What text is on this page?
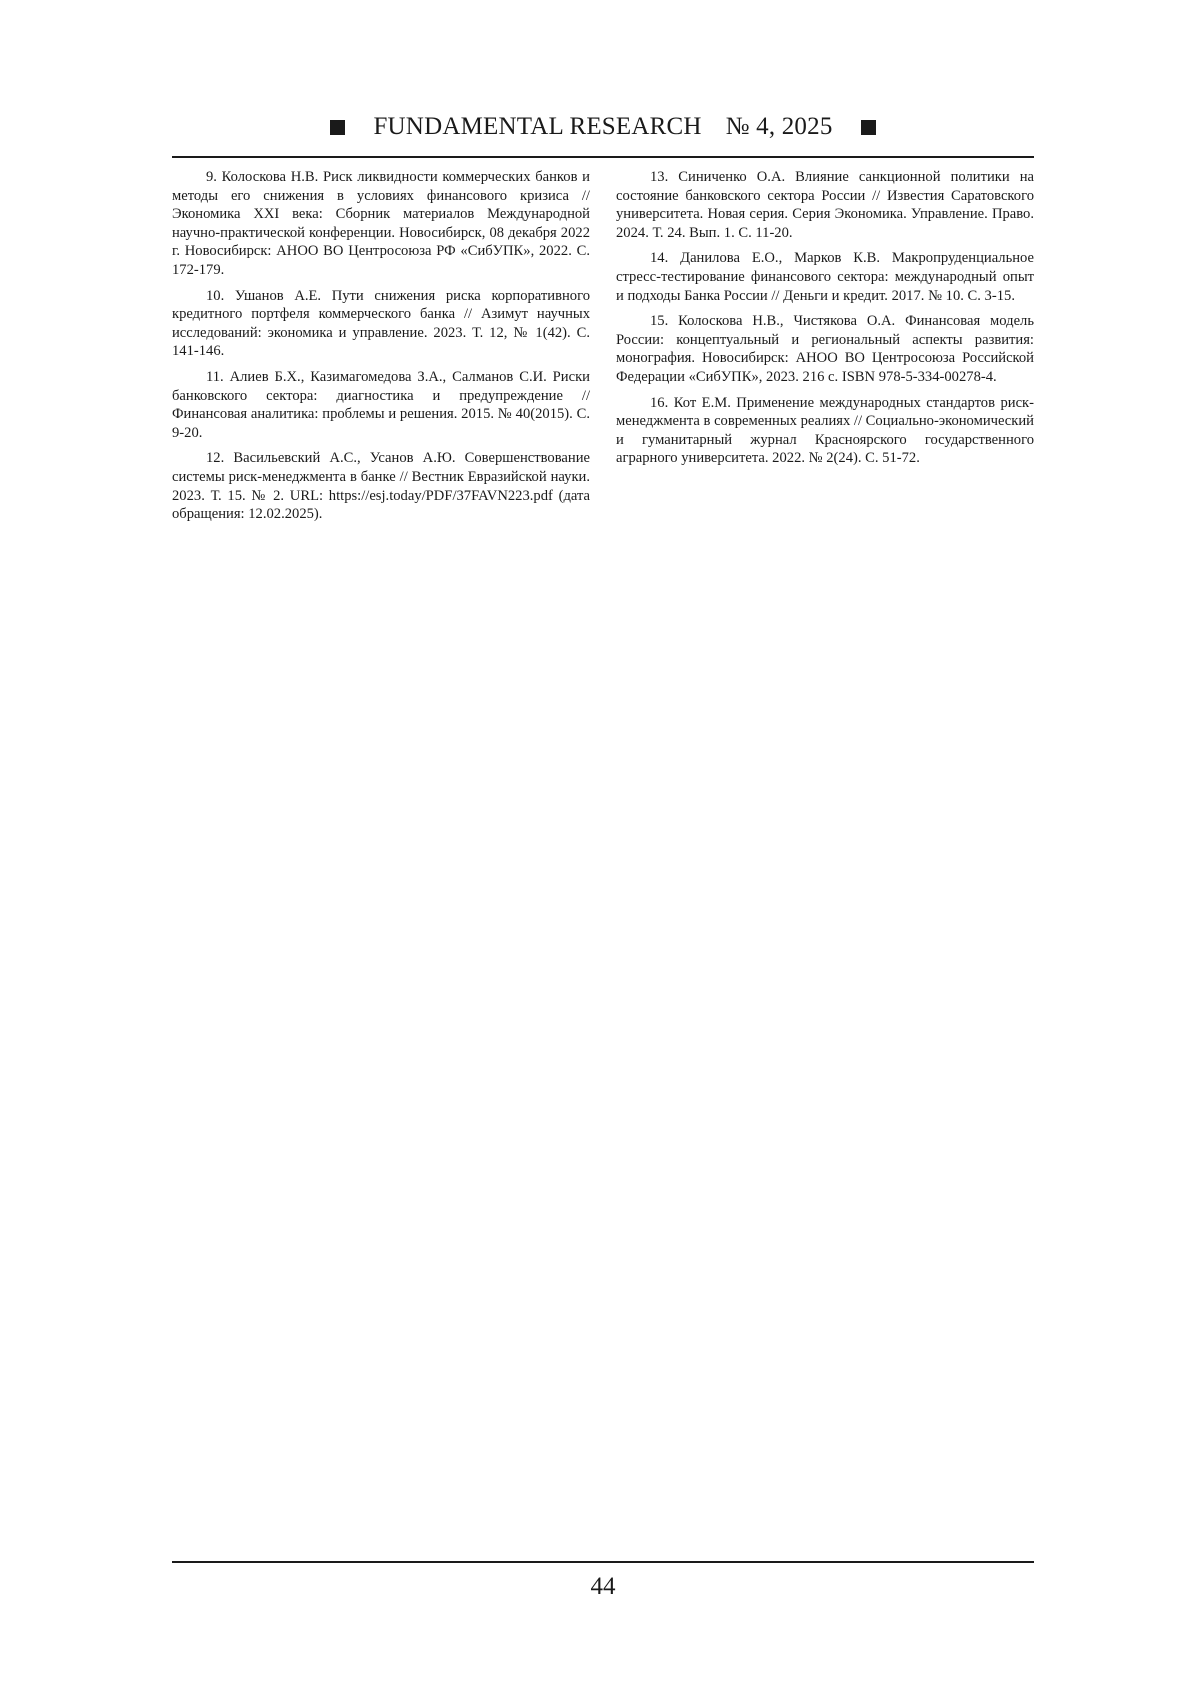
FUNDAMENTAL RESEARCH № 4, 2025

9. Колоскова Н.В. Риск ликвидности коммерческих банков и методы его снижения в условиях финансового кризиса // Экономика XXI века: Сборник материалов Международной научно-практической конференции. Новосибирск, 08 декабря 2022 г. Новосибирск: АНОО ВО Центросоюза РФ «СибУПК», 2022. С. 172-179.

10. Ушанов А.Е. Пути снижения риска корпоративного кредитного портфеля коммерческого банка // Азимут научных исследований: экономика и управление. 2023. Т. 12, № 1(42). С. 141-146.

11. Алиев Б.Х., Казимагомедова З.А., Салманов С.И. Риски банковского сектора: диагностика и предупреждение // Финансовая аналитика: проблемы и решения. 2015. № 40(2015). С. 9-20.

12. Васильевский А.С., Усанов А.Ю. Совершенствование системы риск-менеджмента в банке // Вестник Евразийской науки. 2023. Т. 15. № 2. URL: https://esj.today/PDF/37FAVN223.pdf (дата обращения: 12.02.2025).

13. Синиченко О.А. Влияние санкционной политики на состояние банковского сектора России // Известия Саратовского университета. Новая серия. Серия Экономика. Управление. Право. 2024. Т. 24. Вып. 1. С. 11-20.

14. Данилова Е.О., Марков К.В. Макропруденциальное стресс-тестирование финансового сектора: международный опыт и подходы Банка России // Деньги и кредит. 2017. № 10. С. 3-15.

15. Колоскова Н.В., Чистякова О.А. Финансовая модель России: концептуальный и региональный аспекты развития: монография. Новосибирск: АНОО ВО Центросоюза Российской Федерации «СибУПК», 2023. 216 с. ISBN 978-5-334-00278-4.

16. Кот Е.М. Применение международных стандартов риск-менеджмента в современных реалиях // Социально-экономический и гуманитарный журнал Красноярского государственного аграрного университета. 2022. № 2(24). С. 51-72.

44
